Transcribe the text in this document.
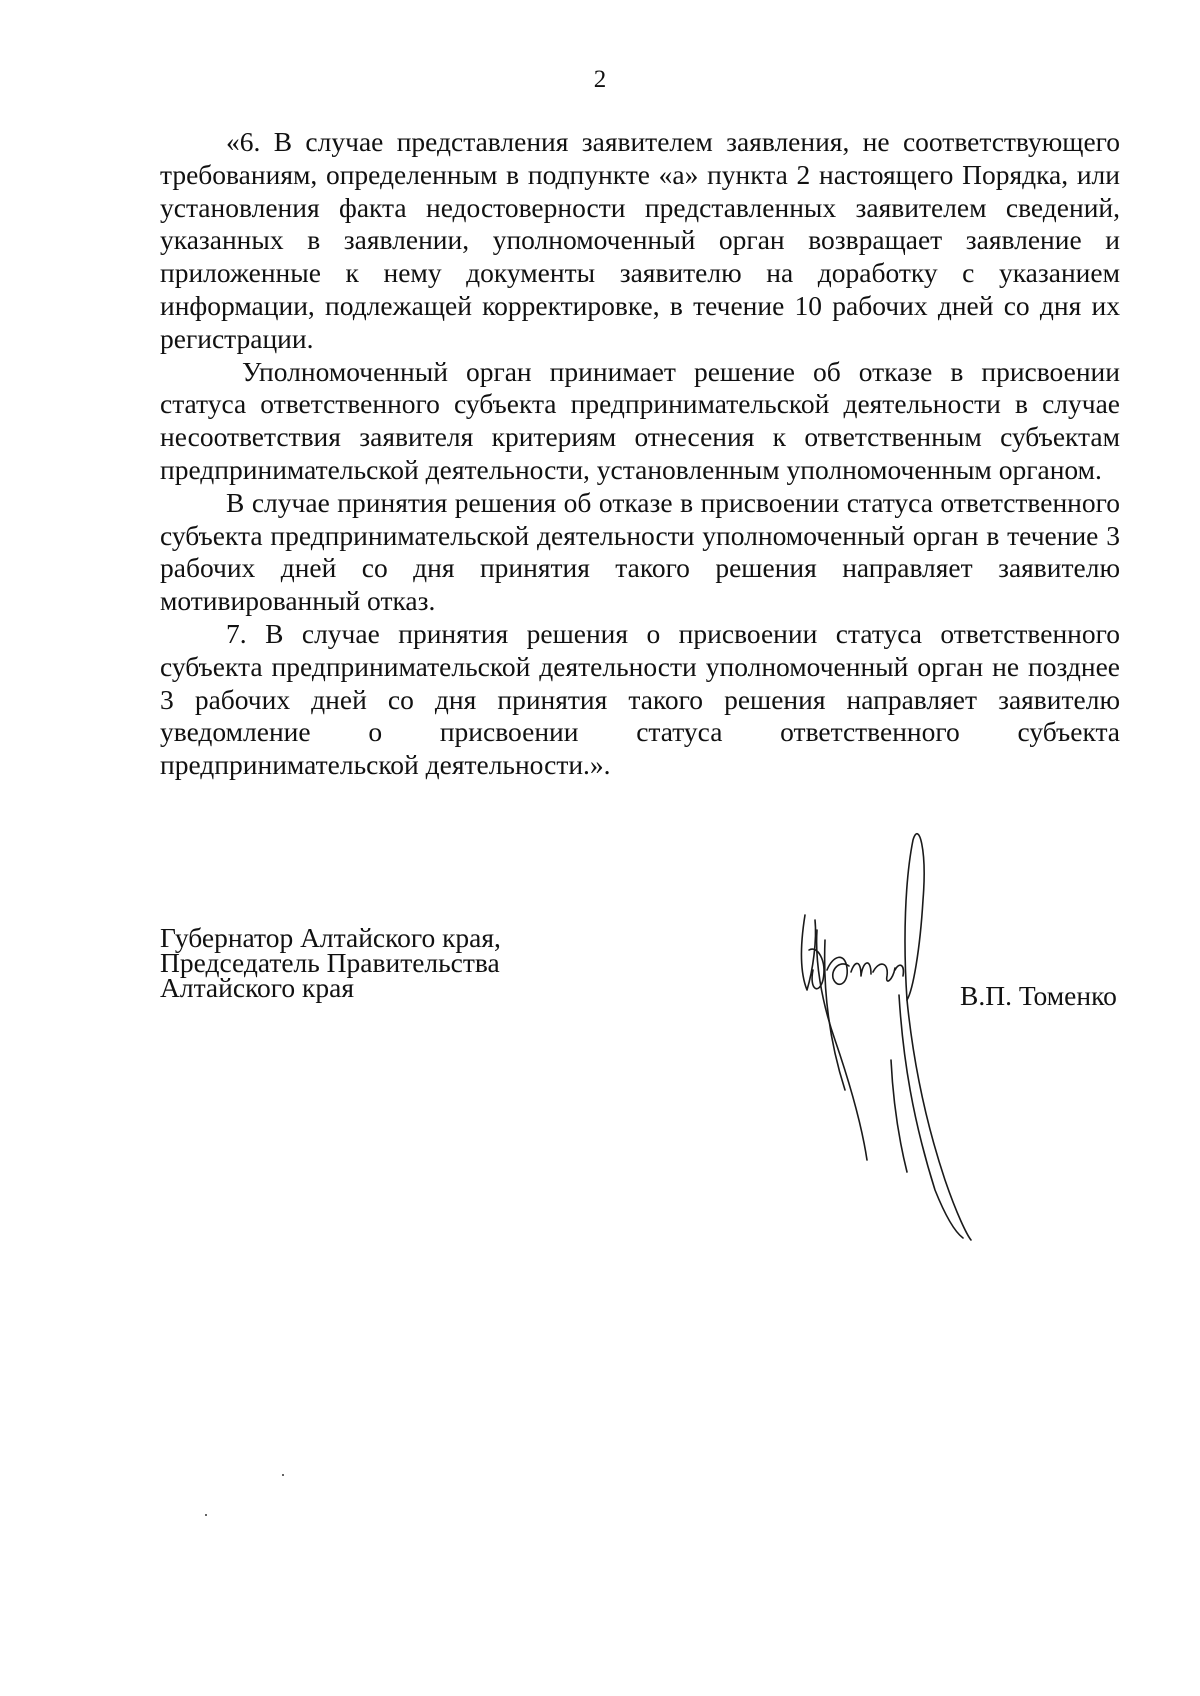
2

«6. В случае представления заявителем заявления, не соответствующего требованиям, определенным в подпункте «а» пункта 2 настоящего Порядка, или установления факта недостоверности представленных заявителем сведений, указанных в заявлении, уполномоченный орган возвращает заявление и приложенные к нему документы заявителю на доработку с указанием информации, подлежащей корректировке, в течение 10 рабочих дней со дня их регистрации.

Уполномоченный орган принимает решение об отказе в присвоении статуса ответственного субъекта предпринимательской деятельности в случае несоответствия заявителя критериям отнесения к ответственным субъектам предпринимательской деятельности, установленным уполномоченным органом.

В случае принятия решения об отказе в присвоении статуса ответственного субъекта предпринимательской деятельности уполномоченный орган в течение 3 рабочих дней со дня принятия такого решения направляет заявителю мотивированный отказ.

7. В случае принятия решения о присвоении статуса ответственного субъекта предпринимательской деятельности уполномоченный орган не позднее 3 рабочих дней со дня принятия такого решения направляет заявителю уведомление о присвоении статуса ответственного субъекта предпринимательской деятельности.».

Губернатор Алтайского края,
Председатель Правительства
Алтайского края	В.П. Томенко
